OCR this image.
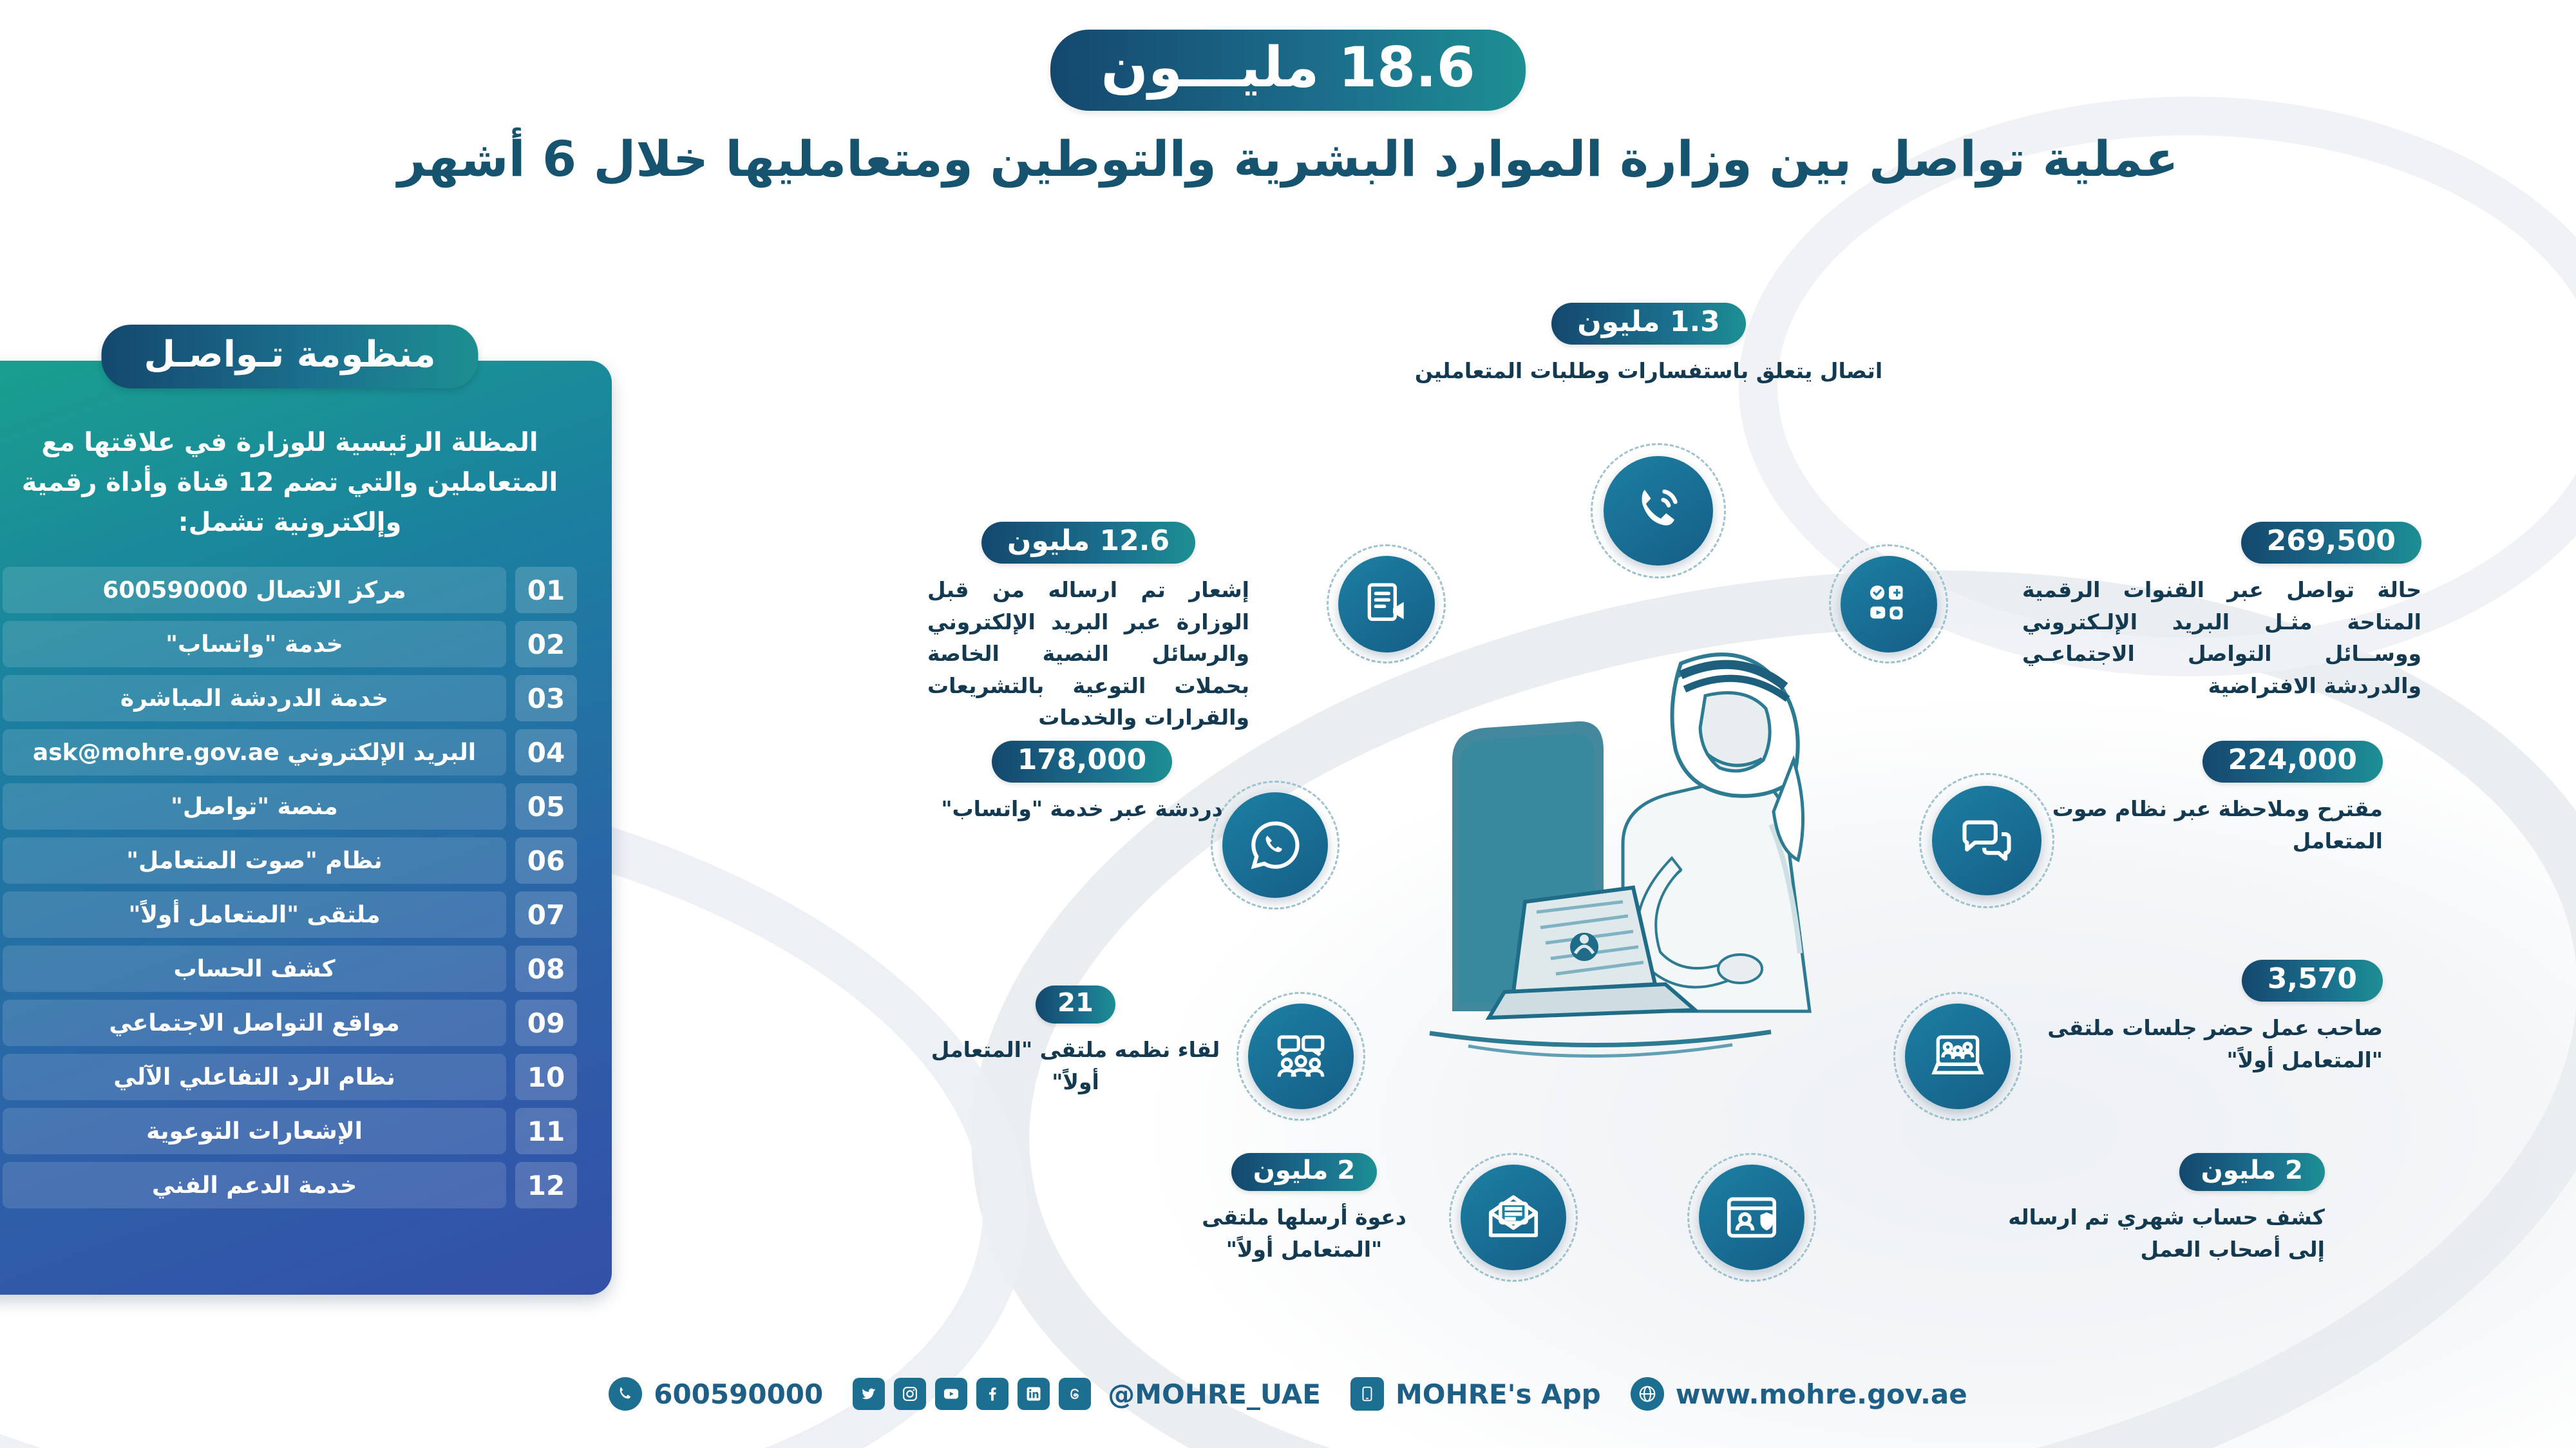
18.6 مليـــون
عملية تواصل بين وزارة الموارد البشرية والتوطين ومتعامليها خلال 6 أشهر
منظومة تـواصـل
المظلة الرئيسية للوزارة في علاقتها مع المتعاملين والتي تضم 12 قناة وأداة رقمية وإلكترونية تشمل:
01
مركز الاتصال 600590000
02
خدمة "واتساب"
03
خدمة الدردشة المباشرة
04
البريد الإلكتروني ask@mohre.gov.ae
05
منصة "تواصل"
06
نظام "صوت المتعامل"
07
ملتقى "المتعامل أولاً"
08
كشف الحساب
09
مواقع التواصل الاجتماعي
10
نظام الرد التفاعلي الآلي
11
الإشعارات التوعوية
12
خدمة الدعم الفني
1.3 مليون
اتصال يتعلق باستفسارات وطلبات المتعاملين
12.6 مليون
إشعار تم ارساله من قبل الوزارة عبر البريد الإلكتروني والرسائل النصية الخاصة بحملات التوعية بالتشريعات والقرارات والخدمات
269,500
حالة تواصل عبر القنوات الرقمية المتاحة مثـل البريد الإلـكتروني ووســائل التواصل الاجتماعـي والدردشة الافتراضية
178,000
دردشة عبر خدمة "واتساب"
224,000
مقترح وملاحظة عبر نظام صوت المتعامل
21
لقاء نظمه ملتقى "المتعامل أولاً"
3,570
صاحب عمل حضر جلسات ملتقى "المتعامل أولاً"
2 مليون
دعوة أرسلها ملتقى "المتعامل أولاً"
2 مليون
كشف حساب شهري تم ارساله إلى أصحاب العمل
600590000	@MOHRE_UAE	MOHRE's App	www.mohre.gov.ae
